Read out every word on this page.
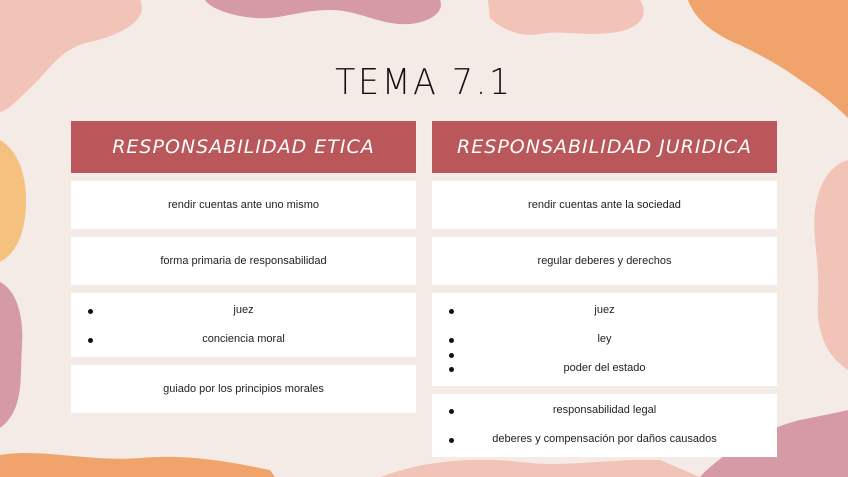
TEMA 7.1
RESPONSABILIDAD ETICA
rendir cuentas ante uno mismo
forma primaria de responsabilidad
juez
conciencia moral
guiado por los principios morales
RESPONSABILIDAD JURIDICA
rendir cuentas ante la sociedad
regular deberes y derechos
juez
ley
poder del estado
responsabilidad legal
deberes y compensación por daños causados
